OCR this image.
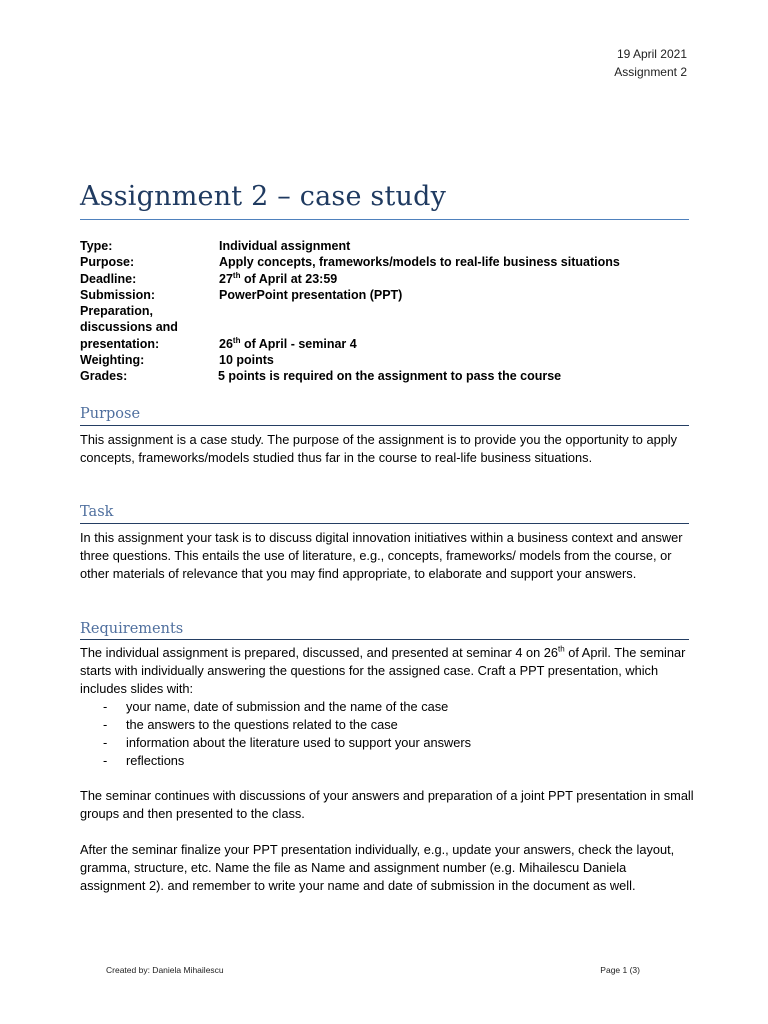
19 April 2021
Assignment 2
Assignment 2 – case study
Type:	Individual assignment
Purpose:	Apply concepts, frameworks/models to real-life business situations
Deadline:	27th of April at 23:59
Submission:	PowerPoint presentation (PPT)
Preparation,
discussions and
presentation:	26th of April - seminar 4
Weighting:	10 points
Grades:	5 points is required on the assignment to pass the course
Purpose

This assignment is a case study. The purpose of the assignment is to provide you the opportunity to apply concepts, frameworks/models studied thus far in the course to real-life business situations.

Task

In this assignment your task is to discuss digital innovation initiatives within a business context and answer three questions. This entails the use of literature, e.g., concepts, frameworks/ models from the course, or other materials of relevance that you may find appropriate, to elaborate and support your answers.

Requirements

The individual assignment is prepared, discussed, and presented at seminar 4 on 26th of April. The seminar starts with individually answering the questions for the assigned case. Craft a PPT presentation, which includes slides with:

- your name, date of submission and the name of the case
- the answers to the questions related to the case
- information about the literature used to support your answers
- reflections

The seminar continues with discussions of your answers and preparation of a joint PPT presentation in small groups and then presented to the class.

After the seminar finalize your PPT presentation individually, e.g., update your answers, check the layout, gramma, structure, etc. Name the file as Name and assignment number (e.g. Mihailescu Daniela assignment 2). and remember to write your name and date of submission in the document as well.

Created by: Daniela Mihailescu	Page 1 (3)
